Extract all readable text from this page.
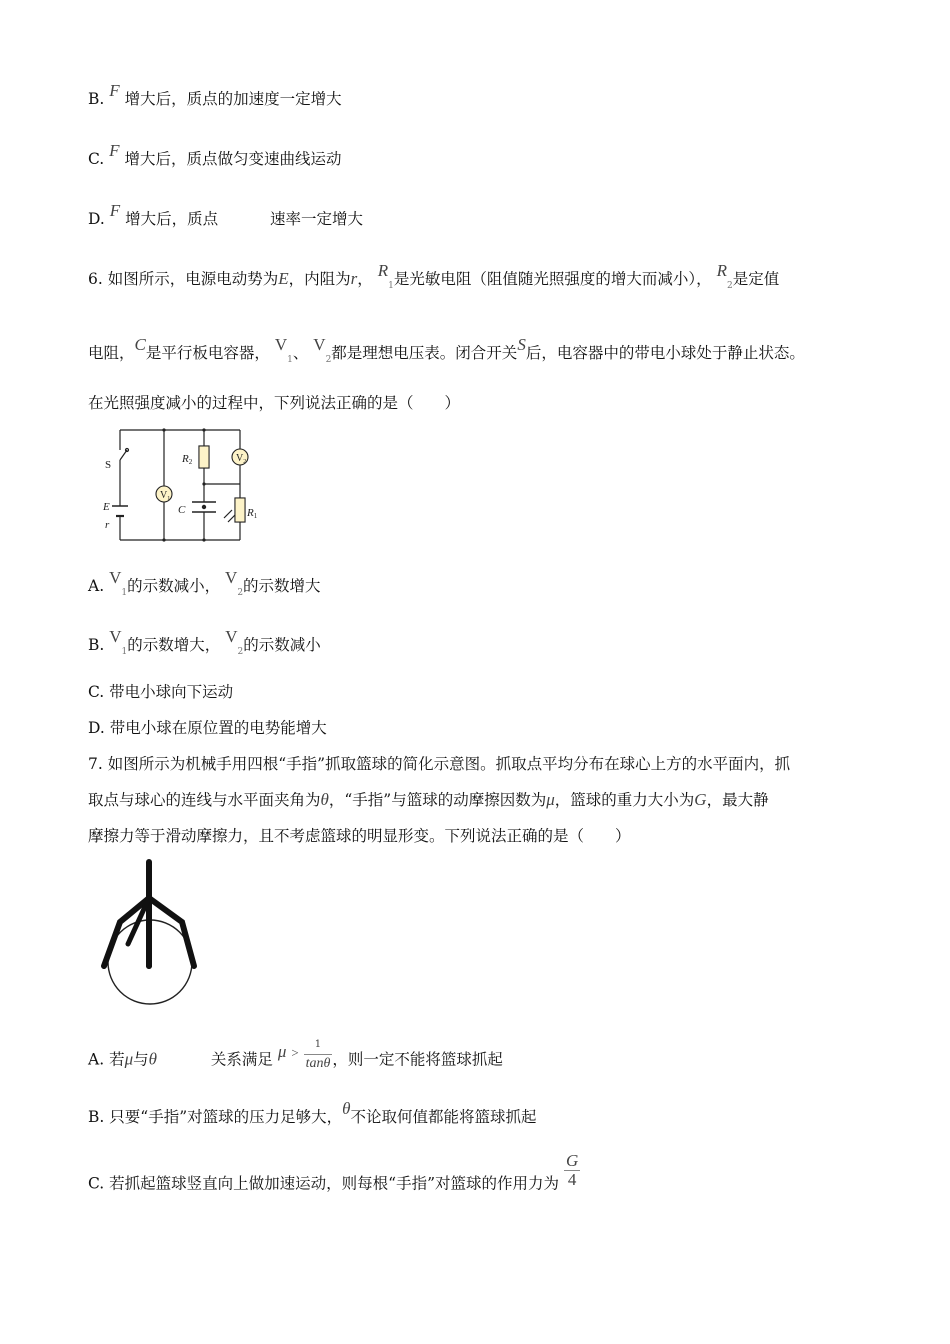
B. F 增大后，质点的加速度一定增大
C. F 增大后，质点做匀变速曲线运动
D. F 增大后，质点	速率一定增大
6. 如图所示，电源电动势为E，内阻为r， $R_1$是光敏电阻（阻值随光照强度的增大而减小）， $R_2$是定值
电阻，C是平行板电容器， $V_1$、 $V_2$都是理想电压表。闭合开关S后，电容器中的带电小球处于静止状态。
在光照强度减小的过程中，下列说法正确的是（　　）
$V_1$
$V_2$
S
E
r
R2
C	R1
A. $V_1$的示数减小， $V_2$的示数增大
B. $V_1$的示数增大， $V_2$的示数减小
C. 带电小球向下运动
D. 带电小球在原位置的电势能增大
7. 如图所示为机械手用四根“手指”抓取篮球的简化示意图。抓取点平均分布在球心上方的水平面内，抓
取点与球心的连线与水平面夹角为θ，“手指”与篮球的动摩擦因数为μ，篮球的重力大小为G，最大静
摩擦力等于滑动摩擦力，且不考虑篮球的明显形变。下列说法正确的是（　　）
A. 若μ与θ	关系满足 μ $^> \frac{1}{\tan\theta}$ ，则一定不能将篮球抓起
B. 只要“手指”对篮球的压力足够大，θ不论取何值都能将篮球抓起
C. 若抓起篮球竖直向上做加速运动，则每根“手指”对篮球的作用力为 $\frac{G}{4}$
